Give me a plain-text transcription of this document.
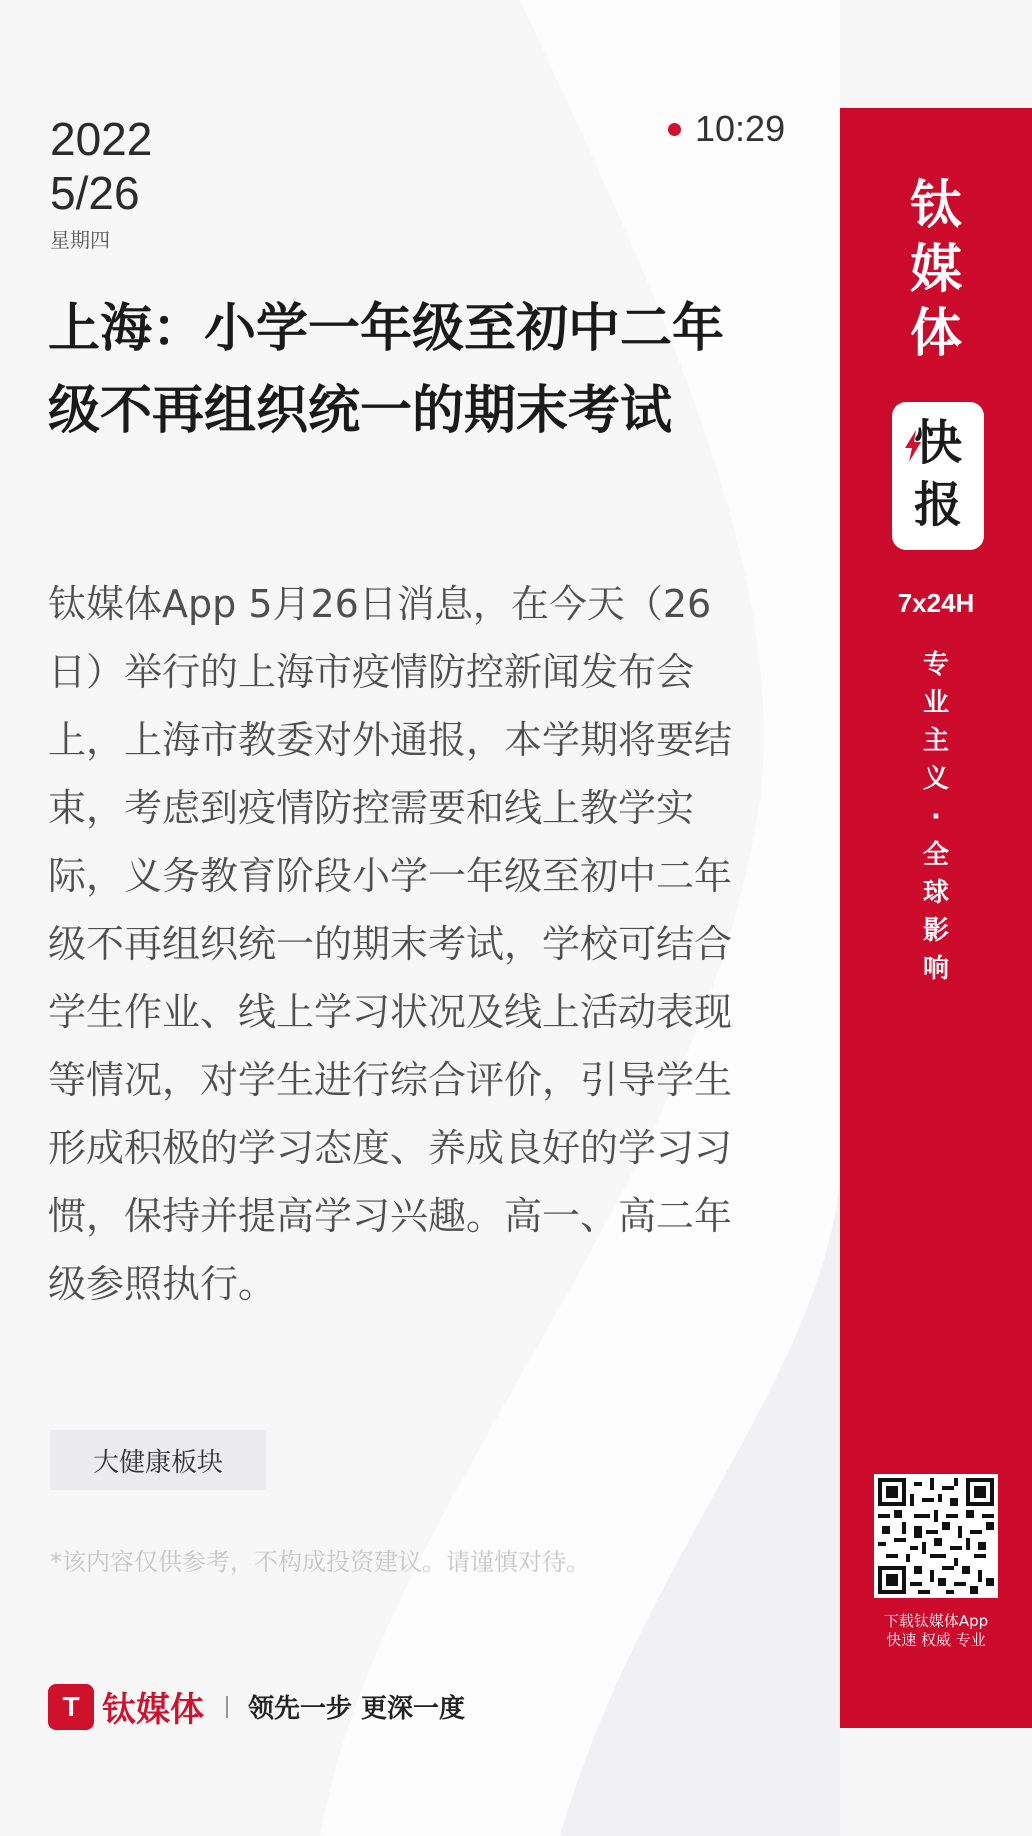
2022
5/26
星期四
10:29
上海：小学一年级至初中二年级不再组织统一的期末考试

钛媒体App 5月26日消息，在今天（26日）举行的上海市疫情防控新闻发布会上，上海市教委对外通报，本学期将要结束，考虑到疫情防控需要和线上教学实际，义务教育阶段小学一年级至初中二年级不再组织统一的期末考试，学校可结合学生作业、线上学习状况及线上活动表现等情况，对学生进行综合评价，引导学生形成积极的学习态度、养成良好的学习习惯，保持并提高学习兴趣。高一、高二年级参照执行。

大健康板块
*该内容仅供参考，不构成投资建议。请谨慎对待。
T 钛媒体 领先一步 更深一度
钛
媒
体
快
报
7x24H
专
业
主
义
·
全
球
影
响
下载钛媒体App
快速 权威 专业
